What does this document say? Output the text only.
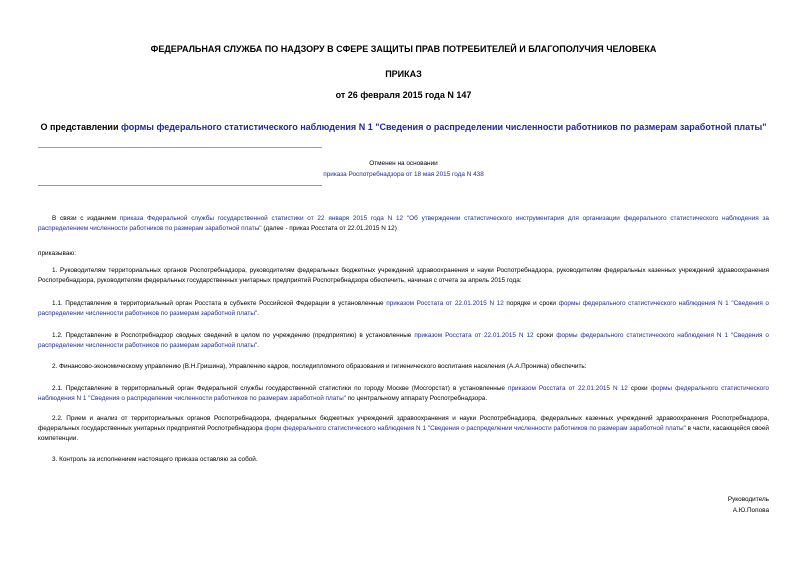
ФЕДЕРАЛЬНАЯ СЛУЖБА ПО НАДЗОРУ В СФЕРЕ ЗАЩИТЫ ПРАВ ПОТРЕБИТЕЛЕЙ И БЛАГОПОЛУЧИЯ ЧЕЛОВЕКА
ПРИКАЗ
от 26 февраля 2015 года N 147
О представлении формы федерального статистического наблюдения N 1 "Сведения о распределении численности работников по размерам заработной платы"
Отменен на основании
приказа Роспотребнадзора от 18 мая 2015 года N 438
В связи с изданием приказа Федеральной службы государственной статистики от 22 января 2015 года N 12 "Об утверждении статистического инструментария для организации федерального статистического наблюдения за распределением численности работников по размерам заработной платы" (далее - приказ Росстата от 22.01.2015 N 12)
приказываю:
1. Руководителям территориальных органов Роспотребнадзора, руководителям федеральных бюджетных учреждений здравоохранения и науки Роспотребнадзора, руководителям федеральных казенных учреждений здравоохранения Роспотребнадзора, руководителям федеральных государственных унитарных предприятий Роспотребнадзора обеспечить, начиная с отчета за апрель 2015 года:
1.1. Представление в территориальный орган Росстата в субъекте Российской Федерации в установленные приказом Росстата от 22.01.2015 N 12 порядке и сроки формы федерального статистического наблюдения N 1 "Сведения о распределении численности работников по размерам заработной платы".
1.2. Представление в Роспотребнадзор сводных сведений в целом по учреждению (предприятию) в установленные приказом Росстата от 22.01.2015 N 12 сроки формы федерального статистического наблюдения N 1 "Сведения о распределении численности работников по размерам заработной платы".
2. Финансово-экономическому управлению (В.Н.Гришина), Управлению кадров, последипломного образования и гигиенического воспитания населения (А.А.Пронина) обеспечить:
2.1. Представление в территориальный орган Федеральной службы государственной статистики по городу Москве (Мосгорстат) в установленные приказом Росстата от 22.01.2015 N 12 сроки формы федерального статистического наблюдения N 1 "Сведения о распределении численности работников по размерам заработной платы" по центральному аппарату Роспотребнадзора.
2.2. Прием и анализ от территориальных органов Роспотребнадзора, федеральных бюджетных учреждений здравоохранения и науки Роспотребнадзора, федеральных казенных учреждений здравоохранения Роспотребнадзора, федеральных государственных унитарных предприятий Роспотребнадзора форм федерального статистического наблюдения N 1 "Сведения о распределении численности работников по размерам заработной платы" в части, касающейся своей компетенции.
3. Контроль за исполнением настоящего приказа оставляю за собой.
Руководитель
А.Ю.Попова
